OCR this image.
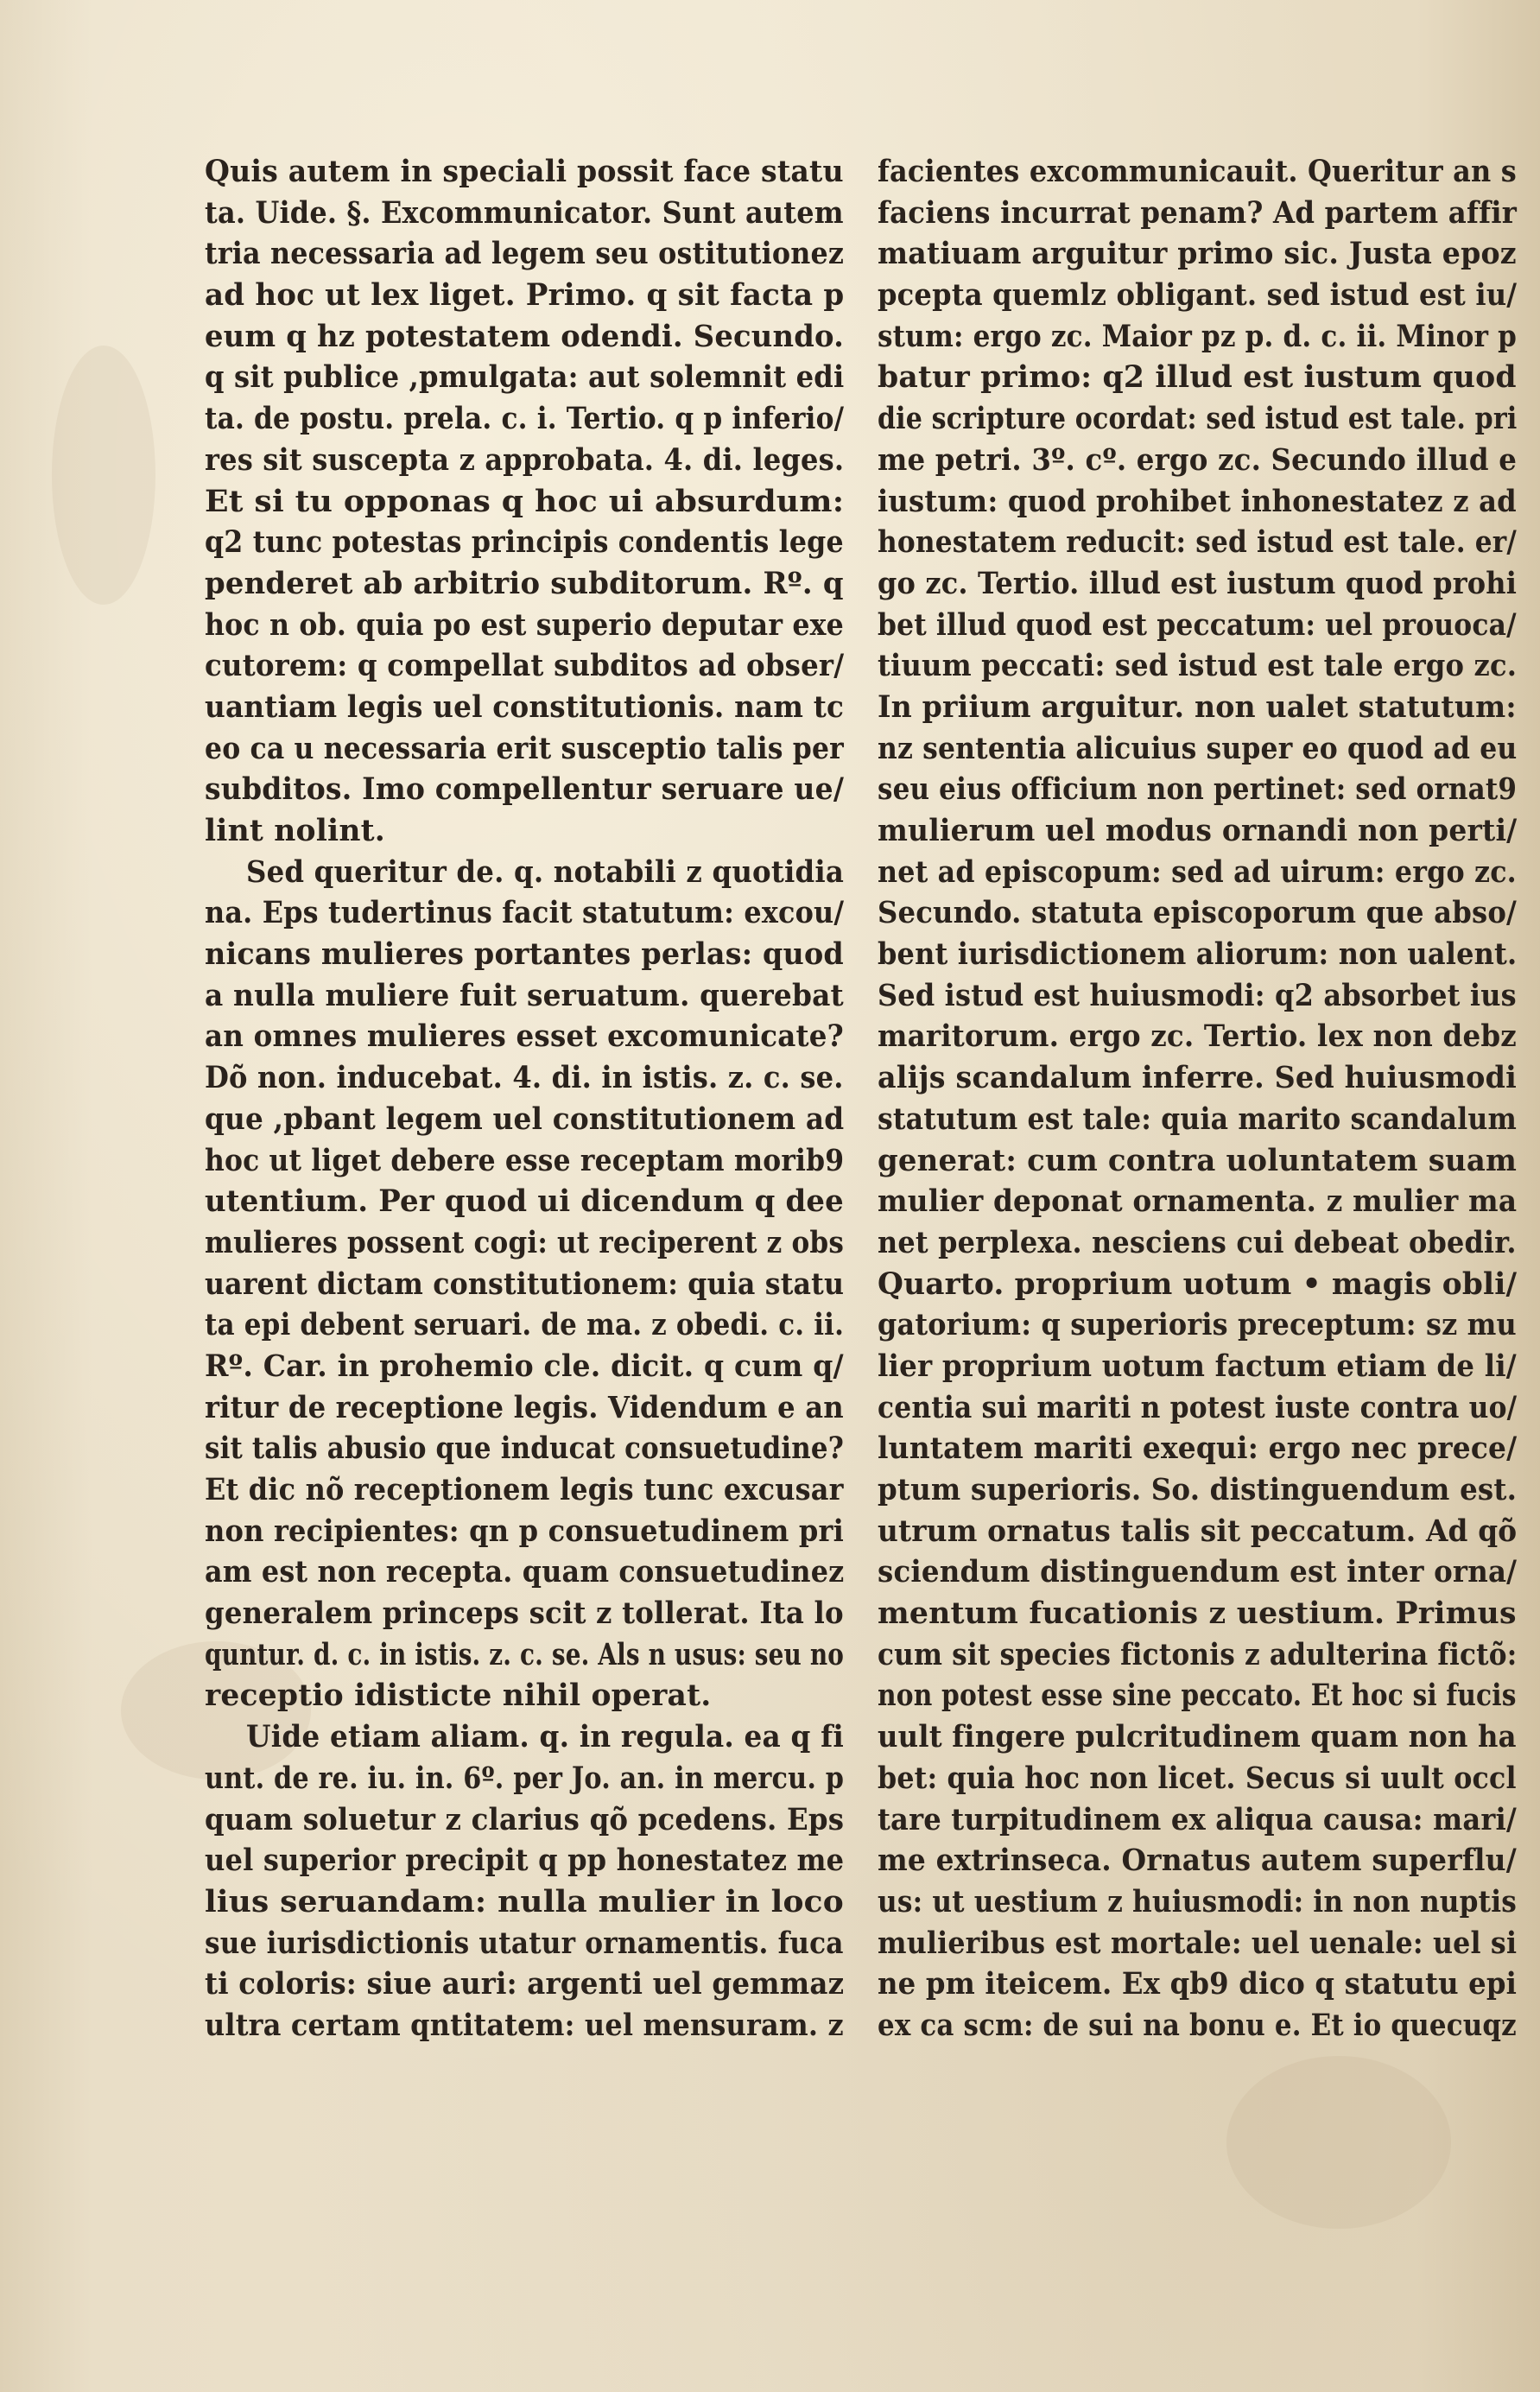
Quis autem in speciali possit face statu
ta. Uide. §. Excommunicator. Sunt autem
tria necessaria ad legem seu ostitutionez
ad hoc ut lex liget. Primo. q sit facta p
eum q hz potestatem odendi. Secundo.
q sit publice ,pmulgata: aut solemnit edi
ta. de postu. prela. c. i. Tertio. q p inferio/
res sit suscepta z approbata. 4. di. leges.
Et si tu opponas q hoc ui absurdum:
q2 tunc potestas principis condentis lege
penderet ab arbitrio subditorum. Rº. q
hoc n ob. quia po est superio deputar exe
cutorem: q compellat subditos ad obser/
uantiam legis uel constitutionis. nam tc
eo ca u necessaria erit susceptio talis per
subditos. Imo compellentur seruare ue/
lint nolint.
Sed queritur de. q. notabili z quotidia
na. Eps tudertinus facit statutum: excou/
nicans mulieres portantes perlas: quod
a nulla muliere fuit seruatum. querebat
an omnes mulieres esset excomunicate?
Dõ non. inducebat. 4. di. in istis. z. c. se.
que ,pbant legem uel constitutionem ad
hoc ut liget debere esse receptam morib9
utentium. Per quod ui dicendum q dee
mulieres possent cogi: ut reciperent z obs
uarent dictam constitutionem: quia statu
ta epi debent seruari. de ma. z obedi. c. ii.
Rº. Car. in prohemio cle. dicit. q cum q/
ritur de receptione legis. Videndum e an
sit talis abusio que inducat consuetudine?
Et dic nõ receptionem legis tunc excusar
non recipientes: qn p consuetudinem pri
am est non recepta. quam consuetudinez
generalem princeps scit z tollerat. Ita lo
quntur. d. c. in istis. z. c. se. Als n usus: seu no
receptio idisticte nihil operat.
Uide etiam aliam. q. in regula. ea q fi
unt. de re. iu. in. 6º. per Jo. an. in mercu. p
quam soluetur z clarius qõ pcedens. Eps
uel superior precipit q pp honestatez me
lius seruandam: nulla mulier in loco
sue iurisdictionis utatur ornamentis. fuca
ti coloris: siue auri: argenti uel gemmaz
ultra certam qntitatem: uel mensuram. z
facientes excommunicauit. Queritur an s
faciens incurrat penam? Ad partem affir
matiuam arguitur primo sic. Justa epoz
pcepta quemlz obligant. sed istud est iu/
stum: ergo zc. Maior pz p. d. c. ii. Minor p
batur primo: q2 illud est iustum quod
die scripture ocordat: sed istud est tale. pri
me petri. 3º. cº. ergo zc. Secundo illud e
iustum: quod prohibet inhonestatez z ad
honestatem reducit: sed istud est tale. er/
go zc. Tertio. illud est iustum quod prohi
bet illud quod est peccatum: uel prouoca/
tiuum peccati: sed istud est tale ergo zc.
In priium arguitur. non ualet statutum:
nz sententia alicuius super eo quod ad eu
seu eius officium non pertinet: sed ornat9
mulierum uel modus ornandi non perti/
net ad episcopum: sed ad uirum: ergo zc.
Secundo. statuta episcoporum que abso/
bent iurisdictionem aliorum: non ualent.
Sed istud est huiusmodi: q2 absorbet ius
maritorum. ergo zc. Tertio. lex non debz
alijs scandalum inferre. Sed huiusmodi
statutum est tale: quia marito scandalum
generat: cum contra uoluntatem suam
mulier deponat ornamenta. z mulier ma
net perplexa. nesciens cui debeat obedir.
Quarto. proprium uotum • magis obli/
gatorium: q superioris preceptum: sz mu
lier proprium uotum factum etiam de li/
centia sui mariti n potest iuste contra uo/
luntatem mariti exequi: ergo nec prece/
ptum superioris. So. distinguendum est.
utrum ornatus talis sit peccatum. Ad qõ
sciendum distinguendum est inter orna/
mentum fucationis z uestium. Primus
cum sit species fictonis z adulterina fictõ:
non potest esse sine peccato. Et hoc si fucis
uult fingere pulcritudinem quam non ha
bet: quia hoc non licet. Secus si uult occl
tare turpitudinem ex aliqua causa: mari/
me extrinseca. Ornatus autem superflu/
us: ut uestium z huiusmodi: in non nuptis
mulieribus est mortale: uel uenale: uel si
ne pm iteicem. Ex qb9 dico q statutu epi
ex ca scm: de sui na bonu e. Et io quecuqz
